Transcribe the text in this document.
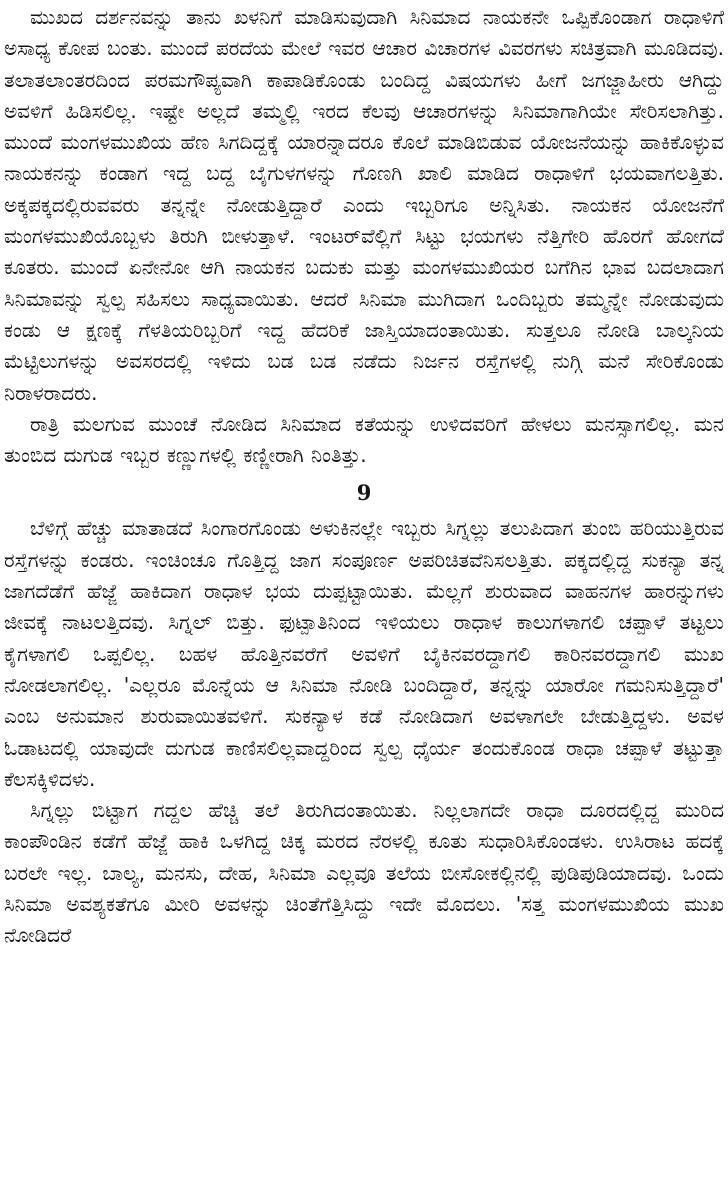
ಮುಖದ ದರ್ಶನವನ್ನು ತಾನು ಖಳನಿಗೆ ಮಾಡಿಸುವುದಾಗಿ ಸಿನಿಮಾದ ನಾಯಕನೇ ಒಪ್ಪಿಕೊಂಡಾಗ ರಾಧಾಳಿಗೆ ಅಸಾಧ್ಯ ಕೋಪ ಬಂತು. ಮುಂದೆ ಪರದೆಯ ಮೇಲೆ ಇವರ ಆಚಾರ ವಿಚಾರಗಳ ವಿವರಗಳು ಸಚಿತ್ರವಾಗಿ ಮೂಡಿದವು. ತಲಾತಲಾಂತರದಿಂದ ಪರಮಗೌಪ್ಯವಾಗಿ ಕಾಪಾಡಿಕೊಂಡು ಬಂದಿದ್ದ ವಿಷಯಗಳು ಹೀಗೆ ಜಗಜ್ಜಾಹೀರು ಆಗಿದ್ದು ಅವಳಿಗೆ ಹಿಡಿಸಲಿಲ್ಲ. ಇಷ್ಟೇ ಅಲ್ಲದೆ ತಮ್ಮಲ್ಲಿ ಇರದ ಕೆಲವು ಆಚಾರಗಳನ್ನು ಸಿನಿಮಾಗಾಗಿಯೇ ಸೇರಿಸಲಾಗಿತ್ತು. ಮುಂದೆ ಮಂಗಳಮುಖಿಯ ಹೆಣ ಸಿಗದಿದ್ದಕ್ಕೆ ಯಾರನ್ನಾದರೂ ಕೊಲೆ ಮಾಡಿಬಿಡುವ ಯೋಜನೆಯನ್ನು ಹಾಕಿಕೊಳ್ಳುವ ನಾಯಕನನ್ನು ಕಂಡಾಗ ಇದ್ದ ಬದ್ದ ಬೈಗುಳಗಳನ್ನು ಗೊಣಗಿ ಖಾಲಿ ಮಾಡಿದ ರಾಧಾಳಿಗೆ ಭಯವಾಗಲತ್ತಿತು. ಅಕ್ಕಪಕ್ಕದಲ್ಲಿರುವವರು ತನ್ನನ್ನೇ ನೋಡುತ್ತಿದ್ದಾರೆ ಎಂದು ಇಬ್ಬರಿಗೂ ಅನ್ನಿಸಿತು. ನಾಯಕನ ಯೋಜನೆಗೆ ಮಂಗಳಮುಖಿಯೊಬ್ಬಳು ತಿರುಗಿ ಬೀಳುತ್ತಾಳೆ. ಇಂಟರ್‌ವೆಲ್ಲಿಗೆ ಸಿಟ್ಟು ಭಯಗಳು ನೆತ್ತಿಗೇರಿ ಹೊರಗೆ ಹೋಗದೆ ಕೂತರು. ಮುಂದೆ ಏನೇನೋ ಆಗಿ ನಾಯಕನ ಬದುಕು ಮತ್ತು ಮಂಗಳಮುಖಿಯರ ಬಗೆಗಿನ ಭಾವ ಬದಲಾದಾಗ ಸಿನಿಮಾವನ್ನು ಸ್ವಲ್ಪ ಸಹಿಸಲು ಸಾಧ್ಯವಾಯಿತು. ಆದರೆ ಸಿನಿಮಾ ಮುಗಿದಾಗ ಒಂದಿಬ್ಬರು ತಮ್ಮನ್ನೇ ನೋಡುವುದು ಕಂಡು ಆ ಕ್ಷಣಕ್ಕೆ ಗೆಳತಿಯರಿಬ್ಬರಿಗೆ ಇದ್ದ ಹೆದರಿಕೆ ಜಾಸ್ತಿಯಾದಂತಾಯಿತು. ಸುತ್ತಲೂ ನೋಡಿ ಬಾಲ್ಕನಿಯ ಮೆಟ್ಟಿಲುಗಳನ್ನು ಅವಸರದಲ್ಲಿ ಇಳಿದು ಬಡ ಬಡ ನಡೆದು ನಿರ್ಜನ ರಸ್ತೆಗಳಲ್ಲಿ ನುಗ್ಗಿ ಮನೆ ಸೇರಿಕೊಂಡು ನಿರಾಳರಾದರು.

ರಾತ್ರಿ ಮಲಗುವ ಮುಂಚೆ ನೋಡಿದ ಸಿನಿಮಾದ ಕತೆಯನ್ನು ಉಳಿದವರಿಗೆ ಹೇಳಲು ಮನಸ್ಸಾಗಲಿಲ್ಲ. ಮನ ತುಂಬಿದ ದುಗುಡ ಇಬ್ಬರ ಕಣ್ಣುಗಳಲ್ಲಿ ಕಣ್ಣೀರಾಗಿ ನಿಂತಿತ್ತು.

9

ಬೆಳಿಗ್ಗೆ ಹೆಚ್ಚು ಮಾತಾಡದೆ ಸಿಂಗಾರಗೊಂಡು ಅಳುಕಿನಲ್ಲೇ ಇಬ್ಬರು ಸಿಗ್ನಲ್ಲು ತಲುಪಿದಾಗ ತುಂಬಿ ಹರಿಯುತ್ತಿರುವ ರಸ್ತೆಗಳನ್ನು ಕಂಡರು. ಇಂಚಿಂಚೂ ಗೊತ್ತಿದ್ದ ಜಾಗ ಸಂಪೂರ್ಣ ಅಪರಿಚಿತವೆನಿಸಲತ್ತಿತು. ಪಕ್ಕದಲ್ಲಿದ್ದ ಸುಕನ್ಯಾ ತನ್ನ ಜಾಗದೆಡೆಗೆ ಹೆಜ್ಜೆ ಹಾಕಿದಾಗ ರಾಧಾಳ ಭಯ ದುಪ್ಪಟ್ಟಾಯಿತು. ಮೆಲ್ಲಗೆ ಶುರುವಾದ ವಾಹನಗಳ ಹಾರನ್ನುಗಳು ಜೀವಕ್ಕೆ ನಾಟಲತ್ತಿದವು. ಸಿಗ್ನಲ್ ಬಿತ್ತು. ಫುಟ್ಪಾತಿನಿಂದ ಇಳಿಯಲು ರಾಧಾಳ ಕಾಲುಗಳಾಗಲಿ ಚಪ್ಪಾಳೆ ತಟ್ಟಲು ಕೈಗಳಾಗಲಿ ಒಪ್ಪಲಿಲ್ಲ. ಬಹಳ ಹೊತ್ತಿನವರೆಗೆ ಅವಳಿಗೆ ಬೈಕಿನವರದ್ದಾಗಲಿ ಕಾರಿನವರದ್ದಾಗಲಿ ಮುಖ ನೋಡಲಾಗಲಿಲ್ಲ. 'ಎಲ್ಲರೂ ಮೊನ್ನೆಯ ಆ ಸಿನಿಮಾ ನೋಡಿ ಬಂದಿದ್ದಾರೆ, ತನ್ನನ್ನು ಯಾರೋ ಗಮನಿಸುತ್ತಿದ್ದಾರೆ' ಎಂಬ ಅನುಮಾನ ಶುರುವಾಯಿತವಳಿಗೆ. ಸುಕನ್ಯಾಳ ಕಡೆ ನೋಡಿದಾಗ ಅವಳಾಗಲೇ ಬೇಡುತ್ತಿದ್ದಳು. ಅವಳ ಓಡಾಟದಲ್ಲಿ ಯಾವುದೇ ದುಗುಡ ಕಾಣಿಸಲಿಲ್ಲವಾದ್ದರಿಂದ ಸ್ವಲ್ಪ ಧೈರ್ಯ ತಂದುಕೊಂಡ ರಾಧಾ ಚಪ್ಪಾಳೆ ತಟ್ಟುತ್ತಾ ಕೆಲಸಕ್ಕಿಳಿದಳು.

ಸಿಗ್ನಲ್ಲು ಬಿಟ್ಟಾಗ ಗದ್ದಲ ಹೆಚ್ಚಿ ತಲೆ ತಿರುಗಿದಂತಾಯಿತು. ನಿಲ್ಲಲಾಗದೇ ರಾಧಾ ದೂರದಲ್ಲಿದ್ದ ಮುರಿದ ಕಾಂಪೌಂಡಿನ ಕಡೆಗೆ ಹೆಜ್ಜೆ ಹಾಕಿ ಒಳಗಿದ್ದ ಚಿಕ್ಕ ಮರದ ನೆರಳಲ್ಲಿ ಕೂತು ಸುಧಾರಿಸಿಕೊಂಡಳು. ಉಸಿರಾಟ ಹದಕ್ಕೆ ಬರಲೇ ಇಲ್ಲ. ಬಾಲ್ಯ, ಮನಸು, ದೇಹ, ಸಿನಿಮಾ ಎಲ್ಲವೂ ತಲೆಯ ಬೀಸೋಕಲ್ಲಿನಲ್ಲಿ ಪುಡಿಪುಡಿಯಾದವು. ಒಂದು ಸಿನಿಮಾ ಅವಶ್ಯಕತೆಗೂ ಮೀರಿ ಅವಳನ್ನು ಚಿಂತೆಗೆತ್ತಿಸಿದ್ದು ಇದೇ ಮೊದಲು. 'ಸತ್ತ ಮಂಗಳಮುಖಿಯ ಮುಖ ನೋಡಿದರೆ
